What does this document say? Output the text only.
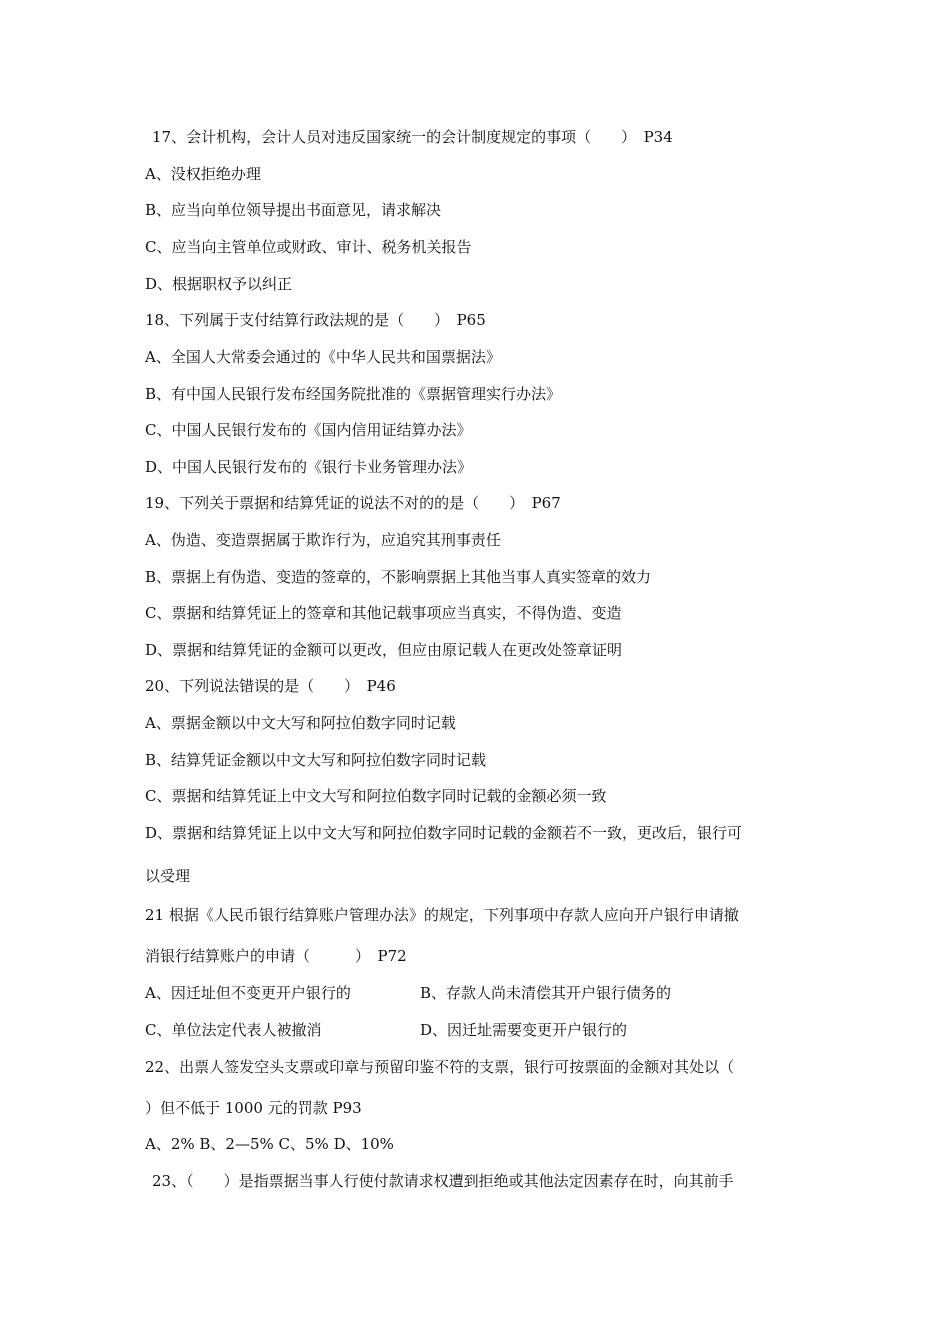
17、会计机构，会计人员对违反国家统一的会计制度规定的事项（　　）　P34
A、没权拒绝办理
B、应当向单位领导提出书面意见，请求解决
C、应当向主管单位或财政、审计、税务机关报告
D、根据职权予以纠正
18、下列属于支付结算行政法规的是（　　）　P65
A、全国人大常委会通过的《中华人民共和国票据法》
B、有中国人民银行发布经国务院批准的《票据管理实行办法》
C、中国人民银行发布的《国内信用证结算办法》
D、中国人民银行发布的《银行卡业务管理办法》
19、下列关于票据和结算凭证的说法不对的的是（　　）　P67
A、伪造、变造票据属于欺诈行为，应追究其刑事责任
B、票据上有伪造、变造的签章的，不影响票据上其他当事人真实签章的效力
C、票据和结算凭证上的签章和其他记载事项应当真实，不得伪造、变造
D、票据和结算凭证的金额可以更改，但应由原记载人在更改处签章证明
20、下列说法错误的是（　　）　P46
A、票据金额以中文大写和阿拉伯数字同时记载
B、结算凭证金额以中文大写和阿拉伯数字同时记载
C、票据和结算凭证上中文大写和阿拉伯数字同时记载的金额必须一致
D、票据和结算凭证上以中文大写和阿拉伯数字同时记载的金额若不一致，更改后，银行可
以受理
21 根据《人民币银行结算账户管理办法》的规定，下列事项中存款人应向开户银行申请撤
消银行结算账户的申请（　　　）　P72
A、因迁址但不变更开户银行的	B、存款人尚未清偿其开户银行债务的
C、单位法定代表人被撤消	D、因迁址需要变更开户银行的
22、出票人签发空头支票或印章与预留印鉴不符的支票，银行可按票面的金额对其处以（
）但不低于 1000 元的罚款 P93
A、2% B、2—5% C、5% D、10%
23、（　　）是指票据当事人行使付款请求权遭到拒绝或其他法定因素存在时，向其前手
